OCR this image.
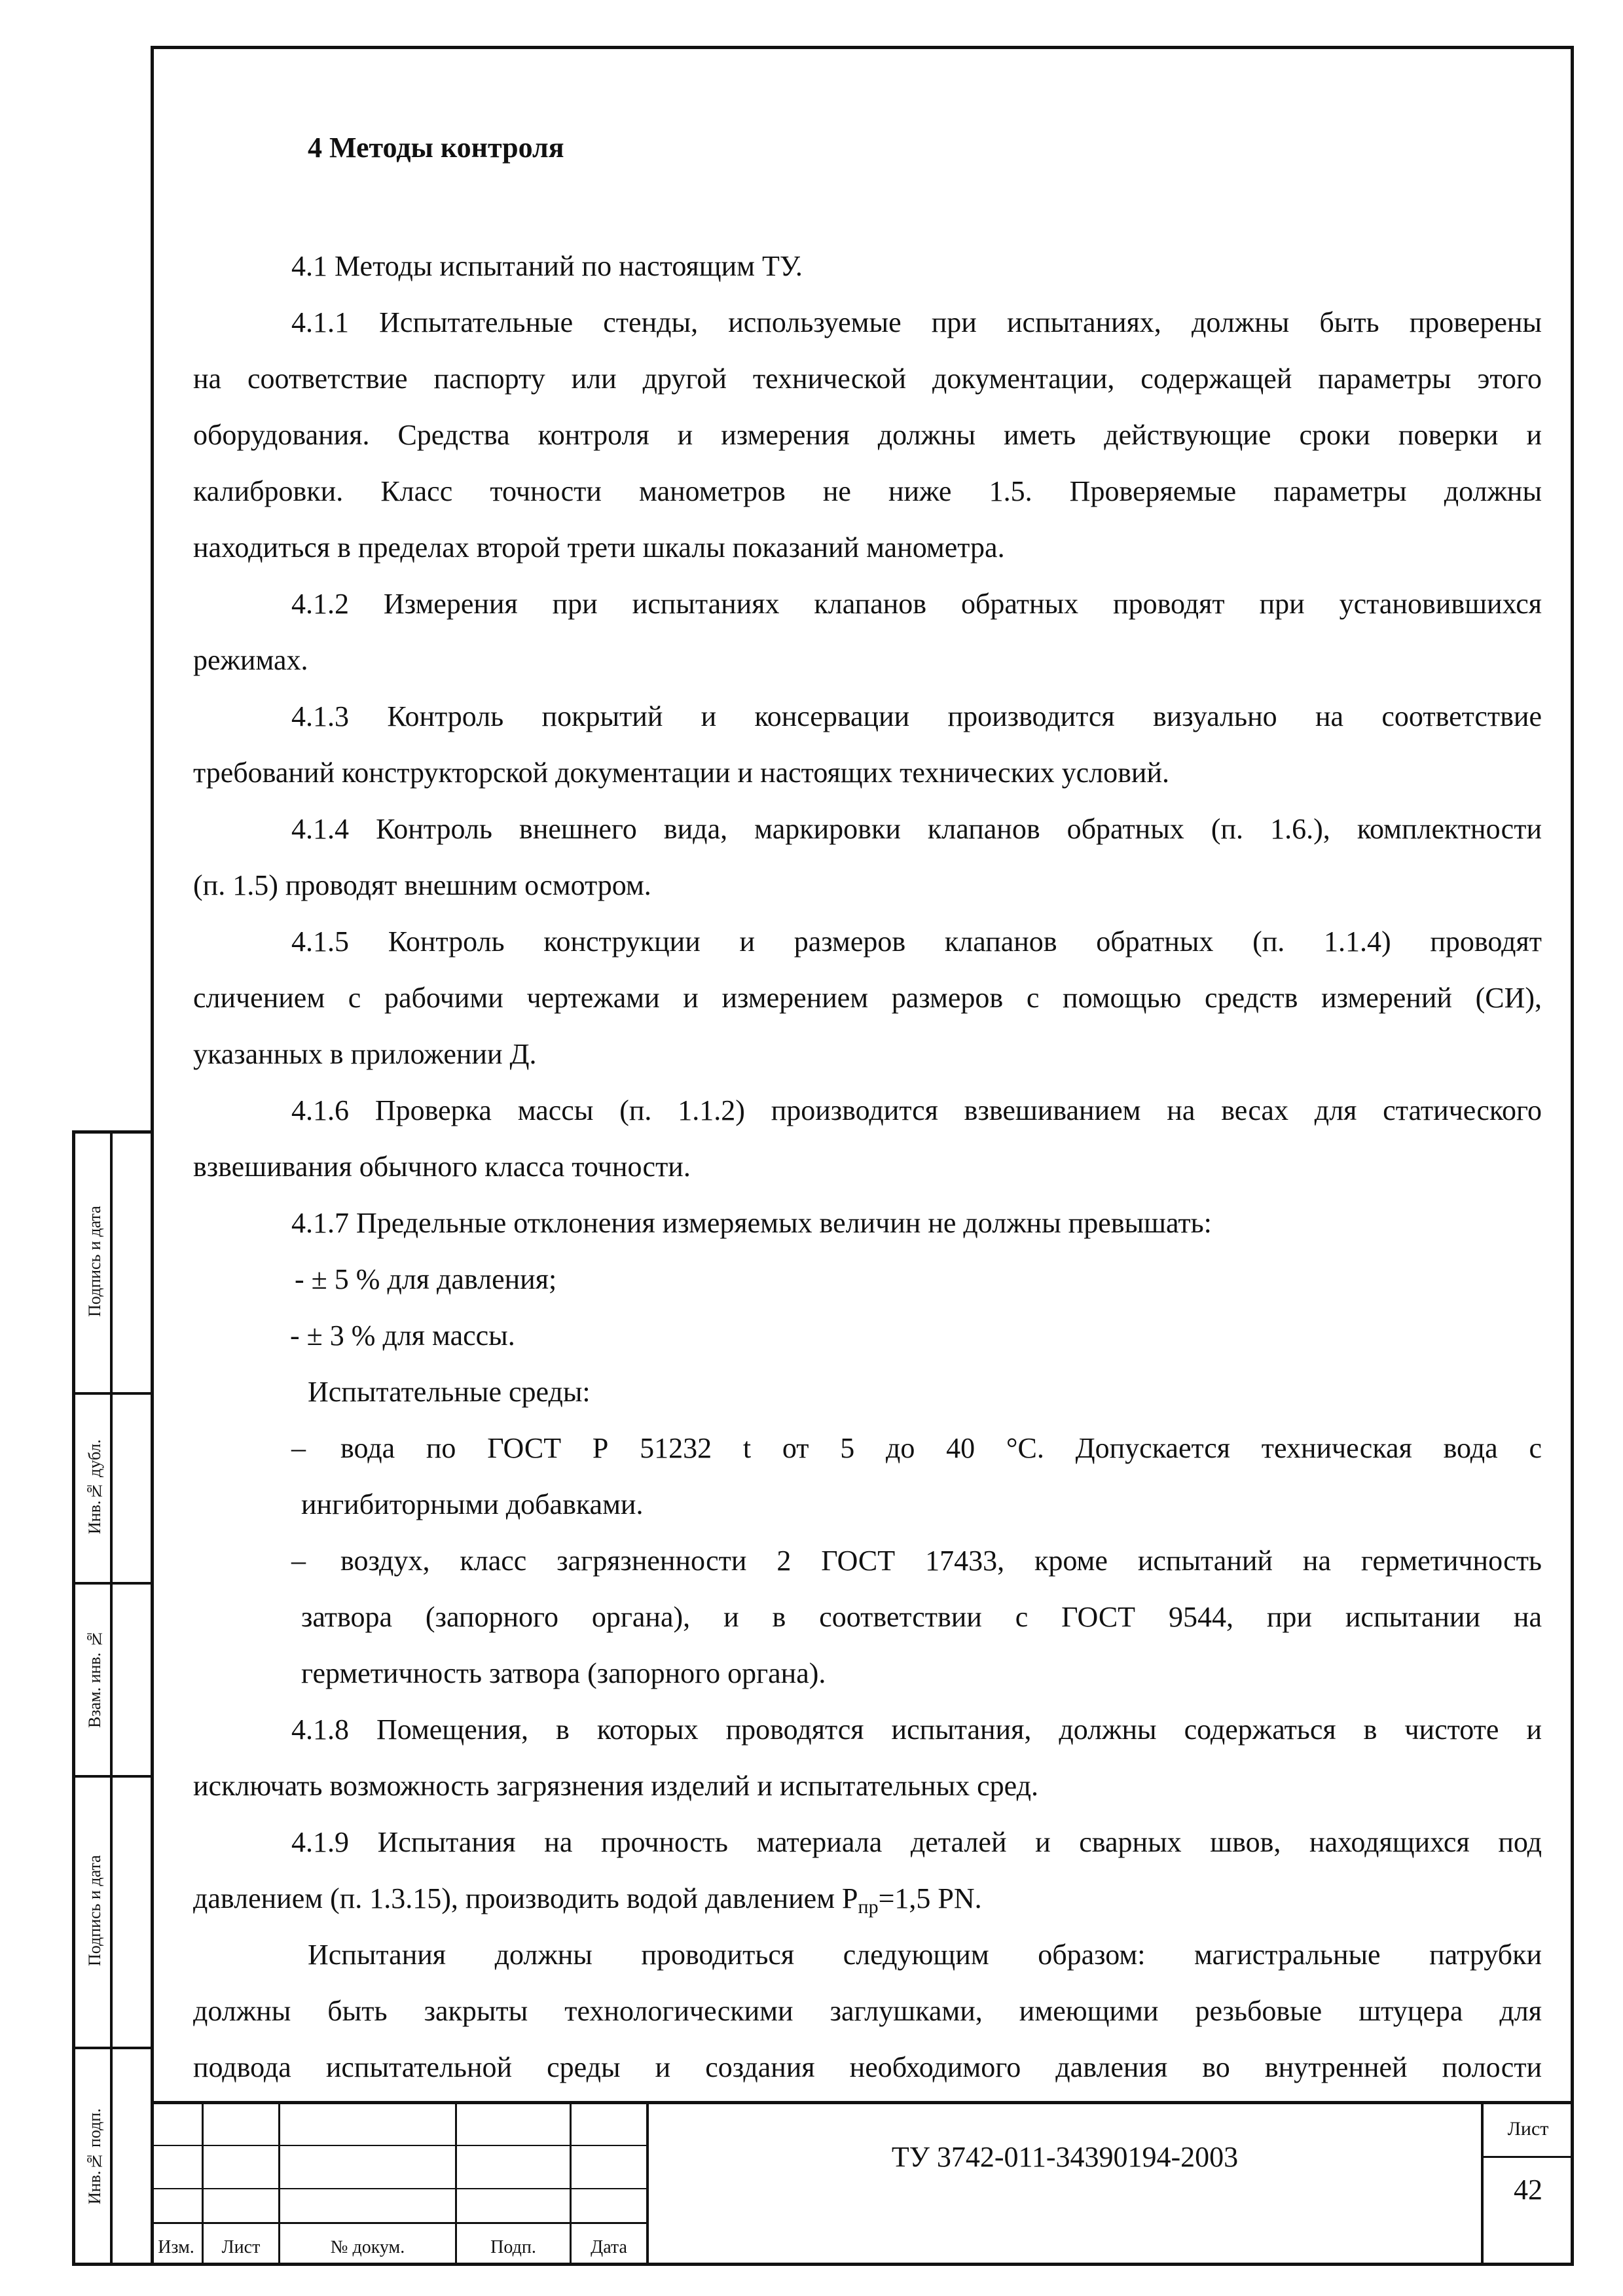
Подпись и дата
Инв.№ дубл.
Взам. инв. №
Подпись и дата
Инв.№ подп.
4 Методы контроля
4.1 Методы испытаний по настоящим ТУ.
4.1.1 Испытательные стенды, используемые при испытаниях, должны быть проверены
на соответствие паспорту или другой технической документации, содержащей параметры этого
оборудования. Средства контроля и измерения должны иметь действующие сроки поверки и
калибровки. Класс точности манометров не ниже 1.5. Проверяемые параметры должны
находиться в пределах второй трети шкалы показаний манометра.
4.1.2 Измерения при испытаниях клапанов обратных проводят при установившихся
режимах.
4.1.3 Контроль покрытий и консервации производится визуально на соответствие
требований конструкторской документации и настоящих технических условий.
4.1.4 Контроль внешнего вида, маркировки клапанов обратных (п. 1.6.), комплектности
(п. 1.5) проводят внешним осмотром.
4.1.5 Контроль конструкции и размеров клапанов обратных (п. 1.1.4) проводят
сличением с рабочими чертежами и измерением размеров с помощью средств измерений (СИ),
указанных в приложении Д.
4.1.6 Проверка массы (п. 1.1.2) производится взвешиванием на весах для статического
взвешивания обычного класса точности.
4.1.7 Предельные отклонения измеряемых величин не должны превышать:
- ± 5 % для давления;
- ± 3 % для массы.
Испытательные среды:
– вода по ГОСТ Р 51232 t от 5 до 40 °С. Допускается техническая вода с
ингибиторными добавками.
– воздух, класс загрязненности 2 ГОСТ 17433, кроме испытаний на герметичность
затвора (запорного органа), и в соответствии с ГОСТ 9544, при испытании на
герметичность затвора (запорного органа).
4.1.8 Помещения, в которых проводятся испытания, должны содержаться в чистоте и
исключать возможность загрязнения изделий и испытательных сред.
4.1.9 Испытания на прочность материала деталей и сварных швов, находящихся под
давлением (п. 1.3.15), производить водой давлением $P_{пр}=1,5$ PN.
Испытания должны проводиться следующим образом: магистральные патрубки
должны быть закрыты технологическими заглушками, имеющими резьбовые штуцера для
подвода испытательной среды и создания необходимого давления во внутренней полости
Изм.	Лист	№ докум.	Подп.	Дата
ТУ 3742-011-34390194-2003
Лист
42
